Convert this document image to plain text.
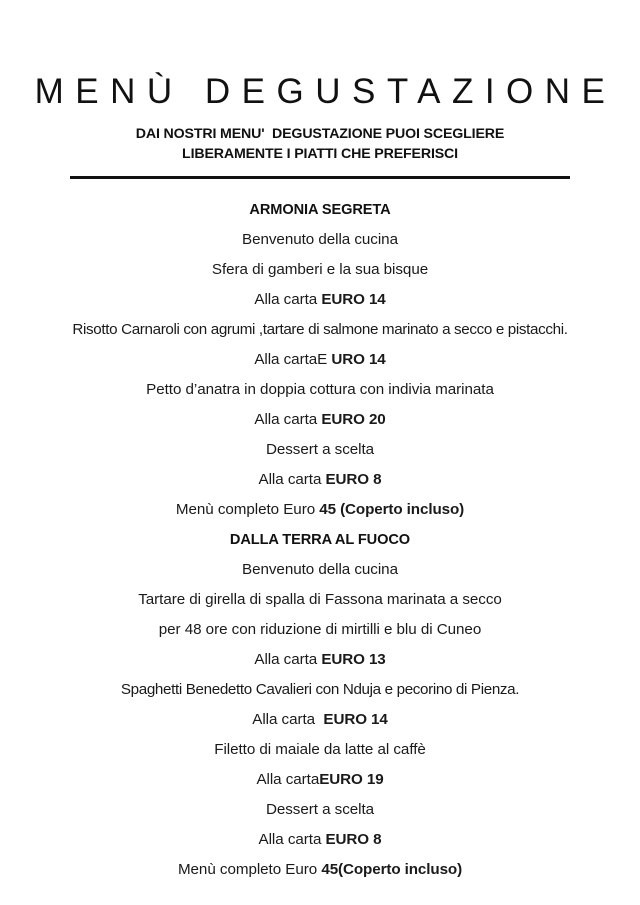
MENÙ DEGUSTAZIONE

DAI NOSTRI MENU'  DEGUSTAZIONE PUOI SCEGLIERE

LIBERAMENTE I PIATTI CHE PREFERISCI

ARMONIA SEGRETA
Benvenuto della cucina
Sfera di gamberi e la sua bisque
Alla carta EURO 14
Risotto Carnaroli con agrumi ,tartare di salmone marinato a secco e pistacchi.
Alla cartaE URO 14
Petto d’anatra in doppia cottura con indivia marinata
Alla carta EURO 20
Dessert a scelta
Alla carta EURO 8
Menù completo Euro 45 (Coperto incluso)
DALLA TERRA AL FUOCO
Benvenuto della cucina
Tartare di girella di spalla di Fassona marinata a secco
per 48 ore con riduzione di mirtilli e blu di Cuneo
Alla carta EURO 13
Spaghetti Benedetto Cavalieri con Nduja e pecorino di Pienza.
Alla carta  EURO 14
Filetto di maiale da latte al caffè
Alla cartaEURO 19
Dessert a scelta
Alla carta EURO 8
Menù completo Euro 45(Coperto incluso)
